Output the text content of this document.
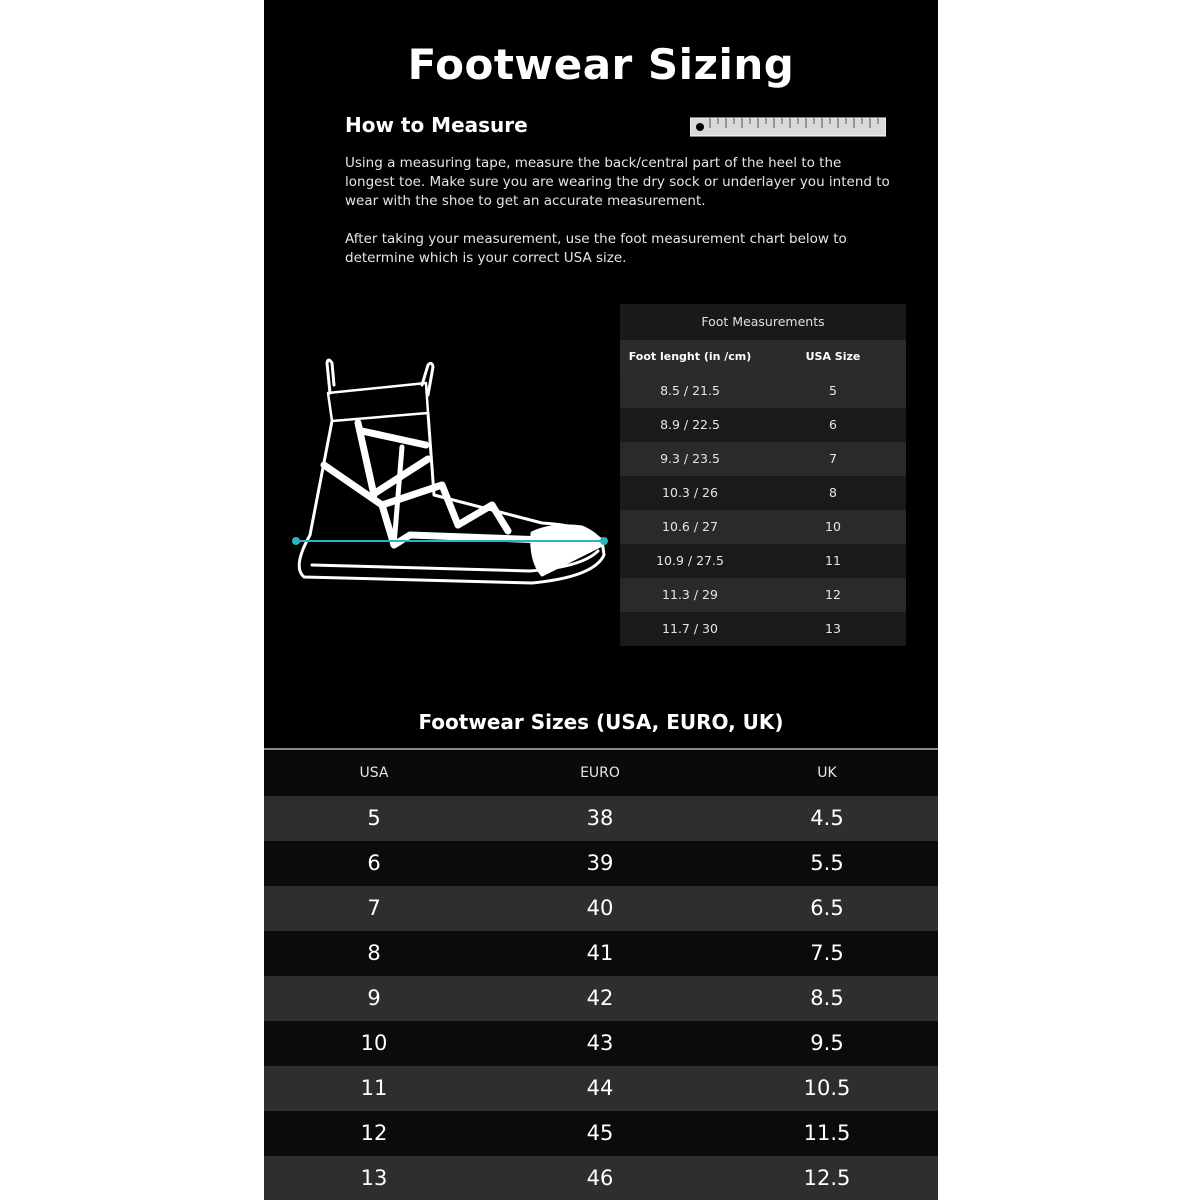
Footwear Sizing
How to Measure
Using a measuring tape, measure the back/central part of the heel to the longest toe. Make sure you are wearing the dry sock or underlayer you intend to wear with the shoe to get an accurate measurement.
After taking your measurement, use the foot measurement chart below to determine which is your correct USA size.
Foot Measurements
Foot lenght (in /cm)	USA Size
8.5 / 21.5	5
8.9 / 22.5	6
9.3 / 23.5	7
10.3 / 26	8
10.6 / 27	10
10.9 / 27.5	11
11.3 / 29	12
11.7 / 30	13
Footwear Sizes (USA, EURO, UK)
USA	EURO	UK
5	38	4.5
6	39	5.5
7	40	6.5
8	41	7.5
9	42	8.5
10	43	9.5
11	44	10.5
12	45	11.5
13	46	12.5
